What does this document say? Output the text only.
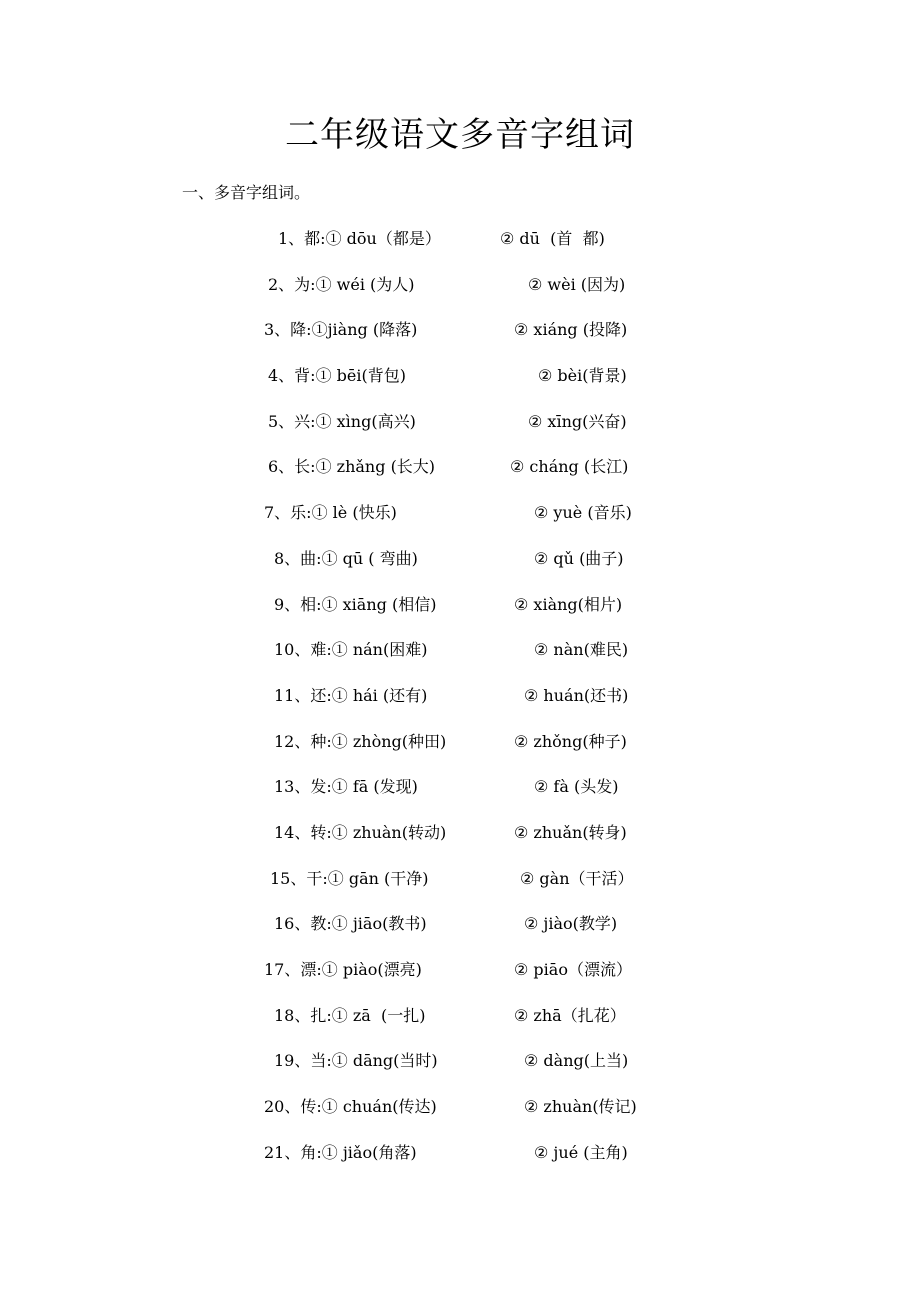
二年级语文多音字组词
一、多音字组词。
1、都:① dōu（都是）	② dū  (首  都)
2、为:① wéi (为人)	② wèi (因为)
3、降:①jiàng (降落)	② xiáng (投降)
4、背:① bēi(背包)	② bèi(背景)
5、兴:① xìng(高兴)	② xīng(兴奋)
6、长:① zhǎng (长大)	② cháng (长江)
7、乐:① lè (快乐)	② yuè (音乐)
8、曲:① qū ( 弯曲)	② qǔ (曲子)
9、相:① xiāng (相信)	② xiàng(相片)
10、难:① nán(困难)	② nàn(难民)
11、还:① hái (还有)	② huán(还书)
12、种:① zhòng(种田)	② zhǒng(种子)
13、发:① fā (发现)	② fà (头发)
14、转:① zhuàn(转动)	② zhuǎn(转身)
15、干:① gān (干净)	② gàn（干活）
16、教:① jiāo(教书)	② jiào(教学)
17、漂:① piào(漂亮)	② piāo（漂流）
18、扎:① zā  (一扎)	② zhā（扎花）
19、当:① dāng(当时)	② dàng(上当)
20、传:① chuán(传达)	② zhuàn(传记)
21、角:① jiǎo(角落)	② jué (主角)
